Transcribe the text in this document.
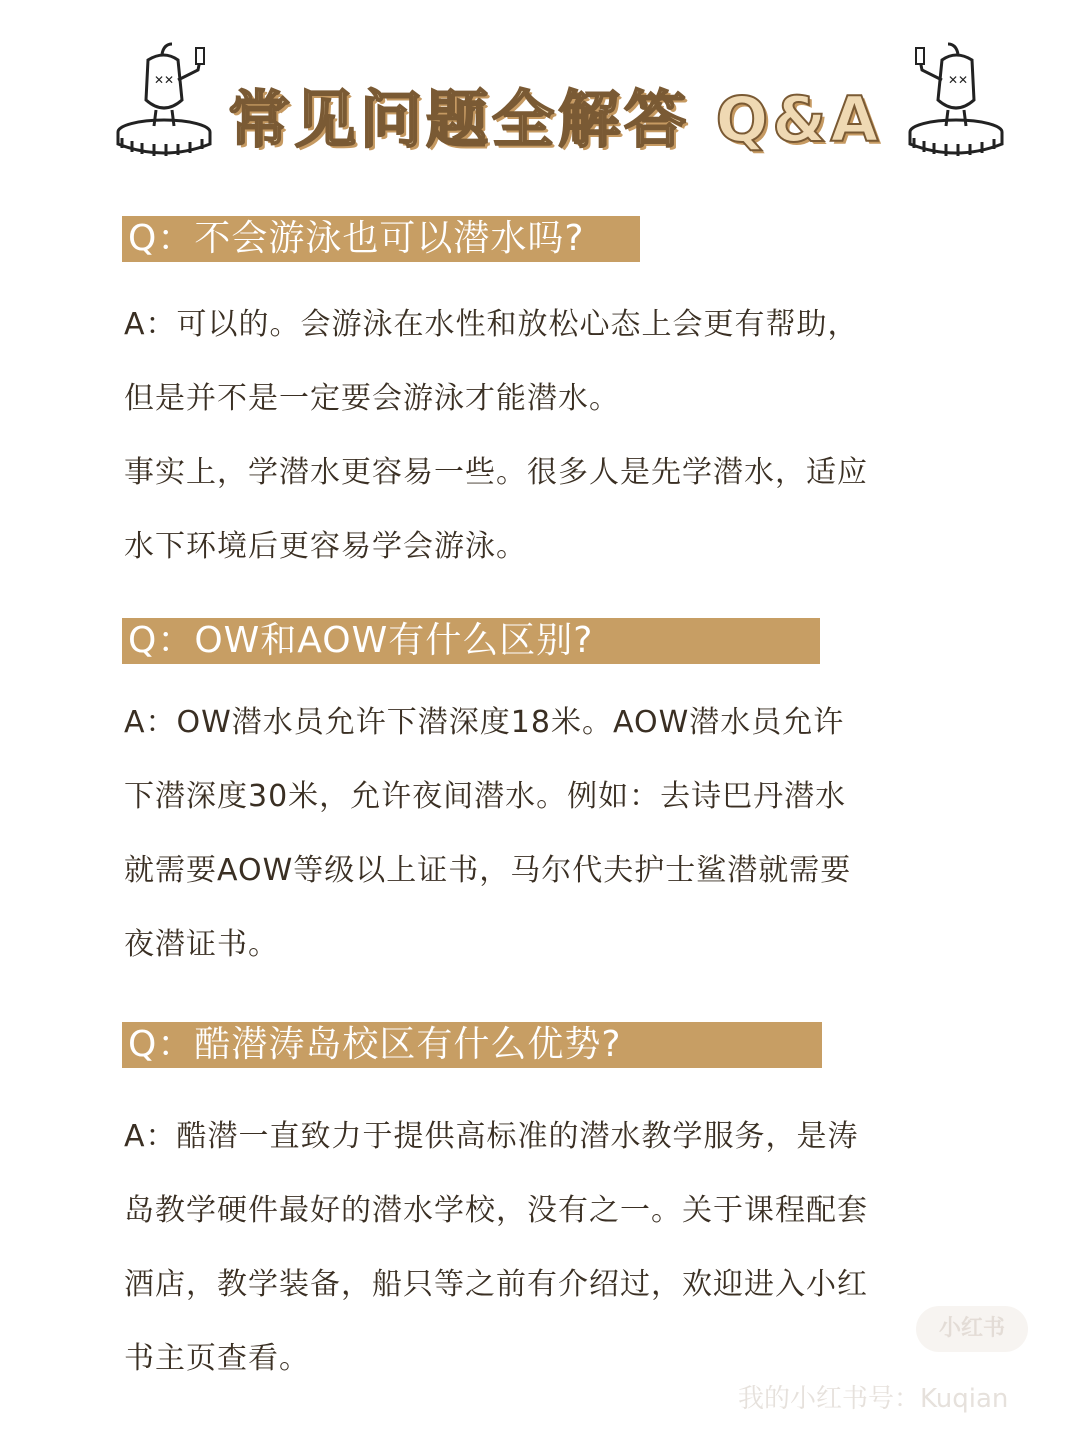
✕✕
常见问题全解答 Q&A
✕✕
Q：不会游泳也可以潜水吗?
A：可以的。会游泳在水性和放松心态上会更有帮助，
但是并不是一定要会游泳才能潜水。
事实上，学潜水更容易一些。很多人是先学潜水，适应
水下环境后更容易学会游泳。
Q：OW和AOW有什么区别?
A：OW潜水员允许下潜深度18米。AOW潜水员允许
下潜深度30米，允许夜间潜水。例如：去诗巴丹潜水
就需要AOW等级以上证书，马尔代夫护士鲨潜就需要
夜潜证书。
Q：酷潜涛岛校区有什么优势?
A：酷潜一直致力于提供高标准的潜水教学服务，是涛
岛教学硬件最好的潜水学校，没有之一。关于课程配套
酒店，教学装备，船只等之前有介绍过，欢迎进入小红
书主页查看。
小红书
我的小红书号：Kuqian
